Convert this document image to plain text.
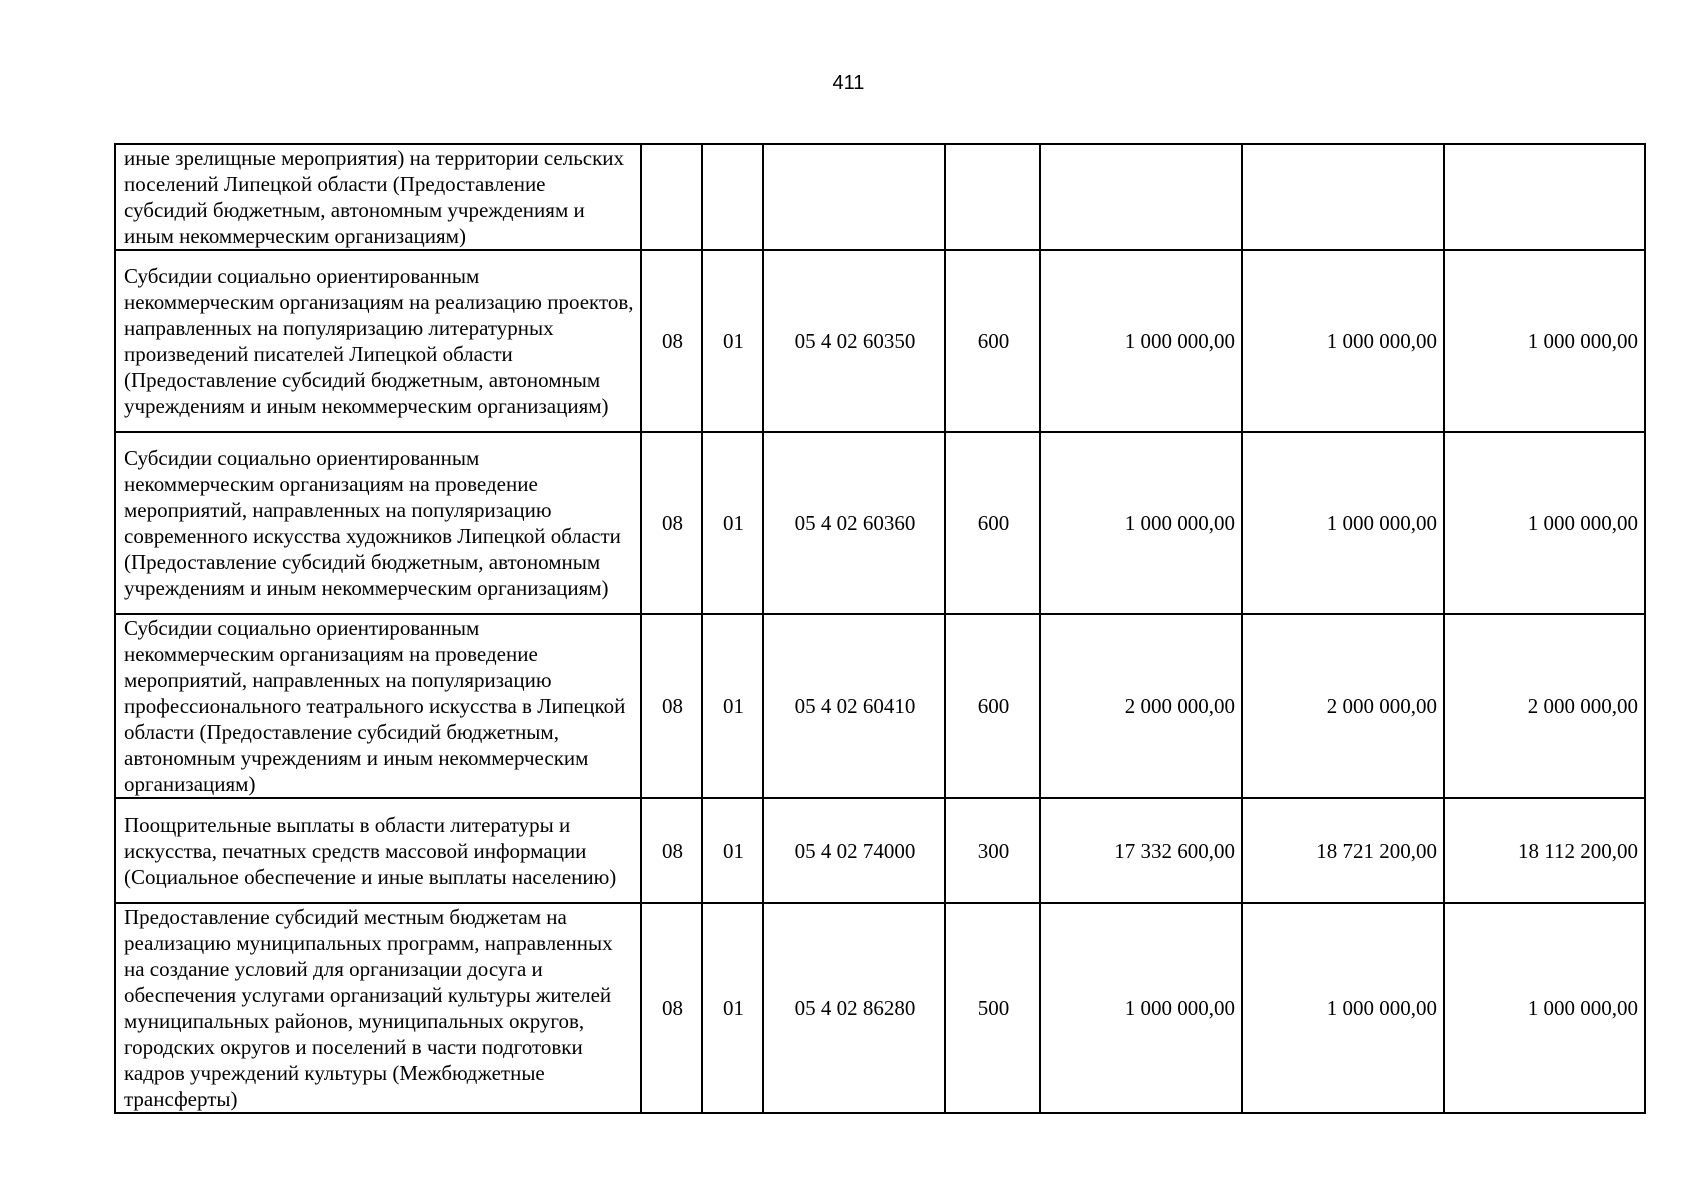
411
иные зрелищные мероприятия) на территории сельских поселений Липецкой области (Предоставление субсидий бюджетным, автономным учреждениям и иным некоммерческим организациям)							
Субсидии социально ориентированным некоммерческим организациям на реализацию проектов, направленных на популяризацию литературных произведений писателей Липецкой области (Предоставление субсидий бюджетным, автономным учреждениям и иным некоммерческим организациям)	08	01	05 4 02 60350	600	1 000 000,00	1 000 000,00	1 000 000,00
Субсидии социально ориентированным некоммерческим организациям на проведение мероприятий, направленных на популяризацию современного искусства художников Липецкой области (Предоставление субсидий бюджетным, автономным учреждениям и иным некоммерческим организациям)	08	01	05 4 02 60360	600	1 000 000,00	1 000 000,00	1 000 000,00
Субсидии социально ориентированным некоммерческим организациям на проведение мероприятий, направленных на популяризацию профессионального театрального искусства в Липецкой области (Предоставление субсидий бюджетным, автономным учреждениям и иным некоммерческим организациям)	08	01	05 4 02 60410	600	2 000 000,00	2 000 000,00	2 000 000,00
Поощрительные выплаты в области литературы и искусства, печатных средств массовой информации (Социальное обеспечение и иные выплаты населению)	08	01	05 4 02 74000	300	17 332 600,00	18 721 200,00	18 112 200,00
Предоставление субсидий местным бюджетам на реализацию муниципальных программ, направленных на создание условий для организации досуга и обеспечения услугами организаций культуры жителей муниципальных районов, муниципальных округов, городских округов и поселений в части подготовки кадров учреждений культуры (Межбюджетные трансферты)	08	01	05 4 02 86280	500	1 000 000,00	1 000 000,00	1 000 000,00
